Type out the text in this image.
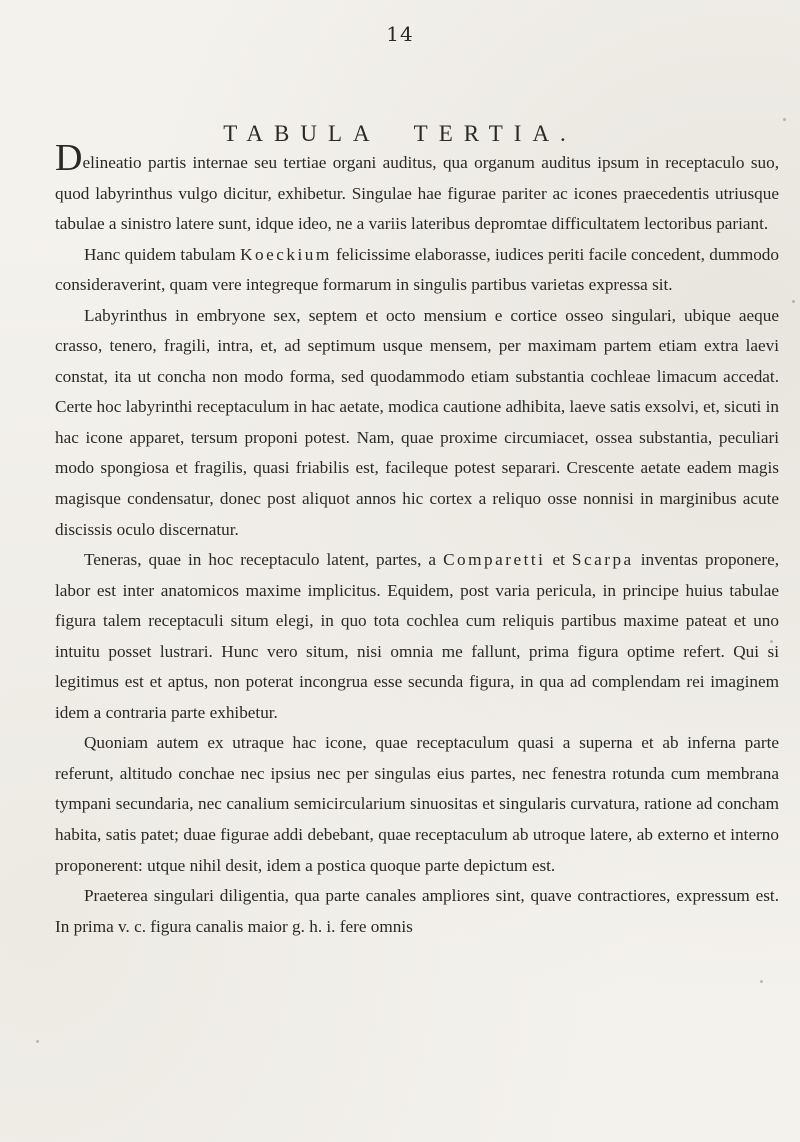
14
TABULA TERTIA.

Delineatio partis internae seu tertiae organi auditus, qua organum auditus ipsum in receptaculo suo, quod labyrinthus vulgo dicitur, exhibetur. Singulae hae figurae pariter ac icones praecedentis utriusque tabulae a sinistro latere sunt, idque ideo, ne a variis lateribus depromtae difficultatem lectoribus pariant.

Hanc quidem tabulam Koeckium felicissime elaborasse, iudices periti facile concedent, dummodo consideraverint, quam vere integreque formarum in singulis partibus varietas expressa sit.

Labyrinthus in embryone sex, septem et octo mensium e cortice osseo singulari, ubique aeque crasso, tenero, fragili, intra, et, ad septimum usque mensem, per maximam partem etiam extra laevi constat, ita ut concha non modo forma, sed quodammodo etiam substantia cochleae limacum accedat. Certe hoc labyrinthi receptaculum in hac aetate, modica cautione adhibita, laeve satis exsolvi, et, sicuti in hac icone apparet, tersum proponi potest. Nam, quae proxime circumiacet, ossea substantia, peculiari modo spongiosa et fragilis, quasi friabilis est, facileque potest separari. Crescente aetate eadem magis magisque condensatur, donec post aliquot annos hic cortex a reliquo osse nonnisi in marginibus acute discissis oculo discernatur.

Teneras, quae in hoc receptaculo latent, partes, a Comparetti et Scarpa inventas proponere, labor est inter anatomicos maxime implicitus. Equidem, post varia pericula, in principe huius tabulae figura talem receptaculi situm elegi, in quo tota cochlea cum reliquis partibus maxime pateat et uno intuitu posset lustrari. Hunc vero situm, nisi omnia me fallunt, prima figura optime refert. Qui si legitimus est et aptus, non poterat incongrua esse secunda figura, in qua ad complendam rei imaginem idem a contraria parte exhibetur.

Quoniam autem ex utraque hac icone, quae receptaculum quasi a superna et ab inferna parte referunt, altitudo conchae nec ipsius nec per singulas eius partes, nec fenestra rotunda cum membrana tympani secundaria, nec canalium semicircularium sinuositas et singularis curvatura, ratione ad concham habita, satis patet; duae figurae addi debebant, quae receptaculum ab utroque latere, ab externo et interno proponerent: utque nihil desit, idem a postica quoque parte depictum est.

Praeterea singulari diligentia, qua parte canales ampliores sint, quave contractiores, expressum est. In prima v. c. figura canalis maior g. h. i. fere omnis
